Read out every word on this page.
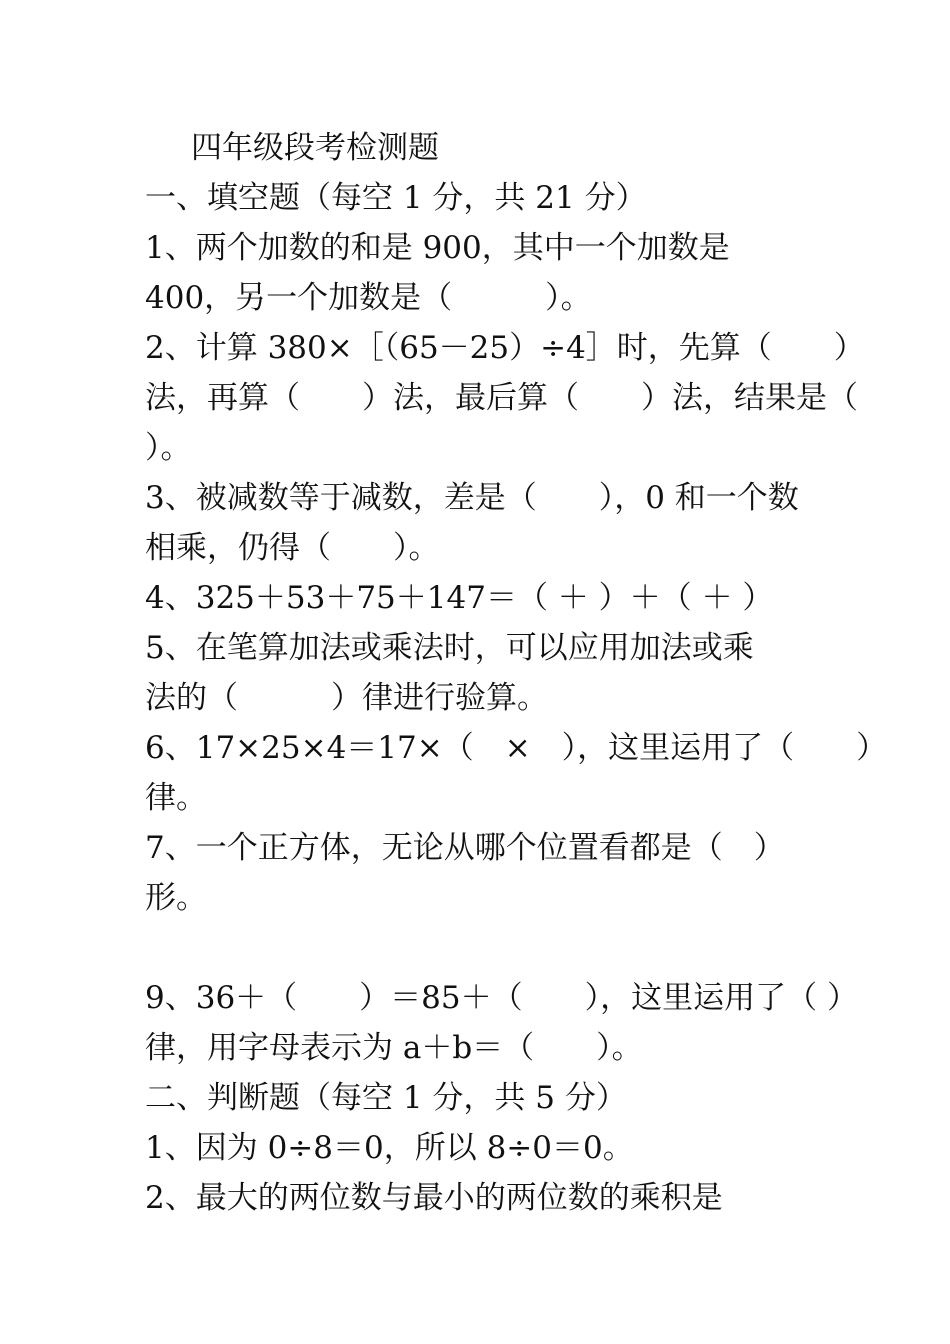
四年级段考检测题
一、填空题（每空 1 分，共 21 分）
1、两个加数的和是 900，其中一个加数是
400，另一个加数是（　　　）。
2、计算 380×［（65－25）÷4］时，先算（　　）
法，再算（　　）法，最后算（　　）法，结果是（
）。
3、被减数等于减数，差是（　　），0 和一个数
相乘，仍得（　　）。
4、325＋53＋75＋147＝（ ＋ ）＋（ ＋ ）
5、在笔算加法或乘法时，可以应用加法或乘
法的（　　　）律进行验算。
6、17×25×4＝17×（　×　），这里运用了（　　）
律。
7、一个正方体，无论从哪个位置看都是（　）
形。
9、36＋（　　）＝85＋（　　），这里运用了（ ）
律，用字母表示为 a＋b＝（　　）。
二、判断题（每空 1 分，共 5 分）
1、因为 0÷8＝0，所以 8÷0＝0。
2、最大的两位数与最小的两位数的乘积是
